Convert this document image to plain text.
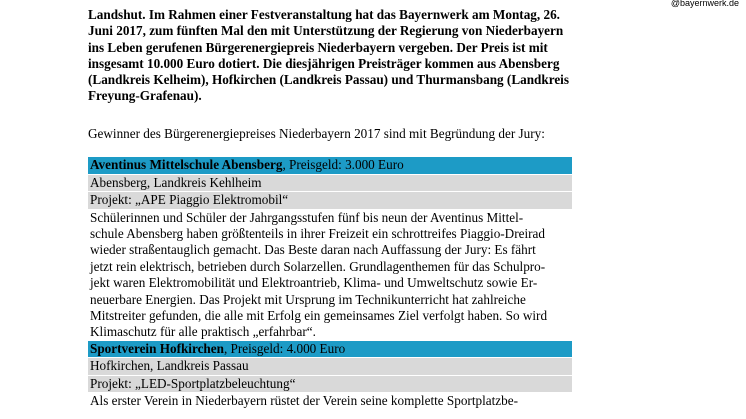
@bayernwerk.de

Landshut. Im Rahmen einer Festveranstaltung hat das Bayernwerk am Montag, 26. Juni 2017, zum fünften Mal den mit Unterstützung der Regierung von Niederbayern ins Leben gerufenen Bürgerenergiepreis Niederbayern vergeben. Der Preis ist mit insgesamt 10.000 Euro dotiert. Die diesjährigen Preisträger kommen aus Abensberg (Landkreis Kelheim), Hofkirchen (Landkreis Passau) und Thurmansbang (Landkreis Freyung-Grafenau).

Gewinner des Bürgerenergiepreises Niederbayern 2017 sind mit Begründung der Jury:

Aventinus Mittelschule Abensberg, Preisgeld: 3.000 Euro
Abensberg, Landkreis Kehlheim
Projekt: „APE Piaggio Elektromobil“

Schülerinnen und Schüler der Jahrgangsstufen fünf bis neun der Aventinus Mittel-
schule Abensberg haben größtenteils in ihrer Freizeit ein schrottreifes Piaggio-Dreirad
wieder straßentauglich gemacht. Das Beste daran nach Auffassung der Jury: Es fährt
jetzt rein elektrisch, betrieben durch Solarzellen. Grundlagenthemen für das Schulpro-
jekt waren Elektromobilität und Elektroantrieb, Klima- und Umweltschutz sowie Er-
neuerbare Energien. Das Projekt mit Ursprung im Technikunterricht hat zahlreiche
Mitstreiter gefunden, die alle mit Erfolg ein gemeinsames Ziel verfolgt haben. So wird
Klimaschutz für alle praktisch „erfahrbar“.

Sportverein Hofkirchen, Preisgeld: 4.000 Euro
Hofkirchen, Landkreis Passau
Projekt: „LED-Sportplatzbeleuchtung“

Als erster Verein in Niederbayern rüstet der Verein seine komplette Sportplatzbe-
